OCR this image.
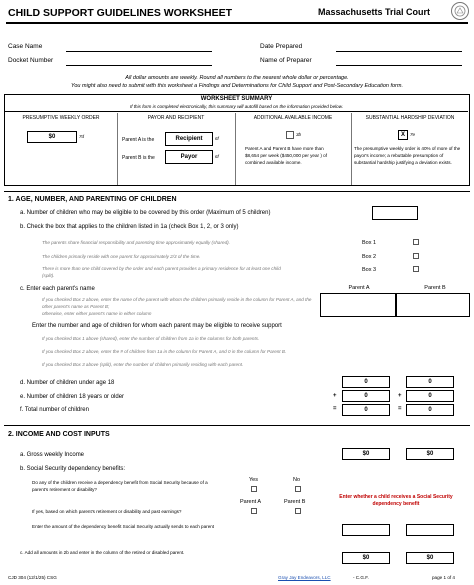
CHILD SUPPORT GUIDELINES WORKSHEET	Massachusetts Trial Court
Case Name
Docket Number
Date Prepared
Name of Preparer
All dollar amounts are weekly. Round all numbers to the nearest whole dollar or percentage.
You might also need to submit with this worksheet a Findings and Determinations for Child Support and Post-Secondary Education form.
WORKSHEET SUMMARY
If this form is completed electronically, this summary will autofill based on the information provided below.
PRESUMPTIVE WEEKLY ORDER
$0	7d
PAYOR AND RECIPIENT
Parent A is the	Recipient	6f
Parent B is the	Payor	6f
ADDITIONAL AVAILABLE INCOME
3b
Parent A and Parent B have more than $8,654 per week ($450,000 per year ) of combined available income.
SUBSTANTIAL HARDSHIP DEVIATION
X	7e
The presumptive weekly order is 40% of more of the payor's income; a rebuttable presumption of substantial hardship justifying a deviation exists.
1. AGE, NUMBER, AND PARENTING OF CHILDREN
a. Number of children who may be eligible to be covered by this order (Maximum of 5 children)
b. Check the box that applies to the children listed in 1a (check Box 1, 2, or 3 only)
The parents share financial responsibility and parenting time approximately equally (shared).	Box 1
The children primarily reside with one parent for approximately 2/3 of the time.	Box 2
There is more than one child covered by the order and each parent provides a primary residence for at least one child (split).
Box 3
c. Enter each parent's name	Parent A	Parent B
If you checked Box 2 above, enter the name of the parent with whom the children primarily reside in the column for Parent A, and the other parent's name as Parent B;
otherwise, enter either parent's name in either column
Enter the number and age of children for whom each parent may be eligible to receive support
If you checked Box 1 above (shared), enter the number of children from 1a in the columns for both parents.
If you checked Box 2 above, enter the # of children from 1a in the column for Parent A, and 0 in the column for Parent B.
If you checked Box 3 above (split), enter the number of children primarily residing with each parent.
d. Number of children under age 18	0	0
e. Number of children 18 years or older	+	0	+	0
f. Total number of children	=	0	=	0
2. INCOME AND COST INPUTS
a. Gross weekly Income	$0	$0
b. Social Security dependency benefits:
Yes	No
Do any of the children receive a dependency benefit from Social Security because of a parent's retirement or disability?
Parent A	Parent B
If yes, based on which parent's retirement or disability and past earnings?
Enter whether a child receives a Social Security dependency benefit
Enter the amount of the dependency benefit Social Security actually sends to each parent
c. Add all amounts in 2b and enter in the column of the retired or disabled parent.
$0	$0
CJD 304 (12/1/25) CSG	Gray Jay Endeavors, LLC	- C.G.F.	page 1 of 4
